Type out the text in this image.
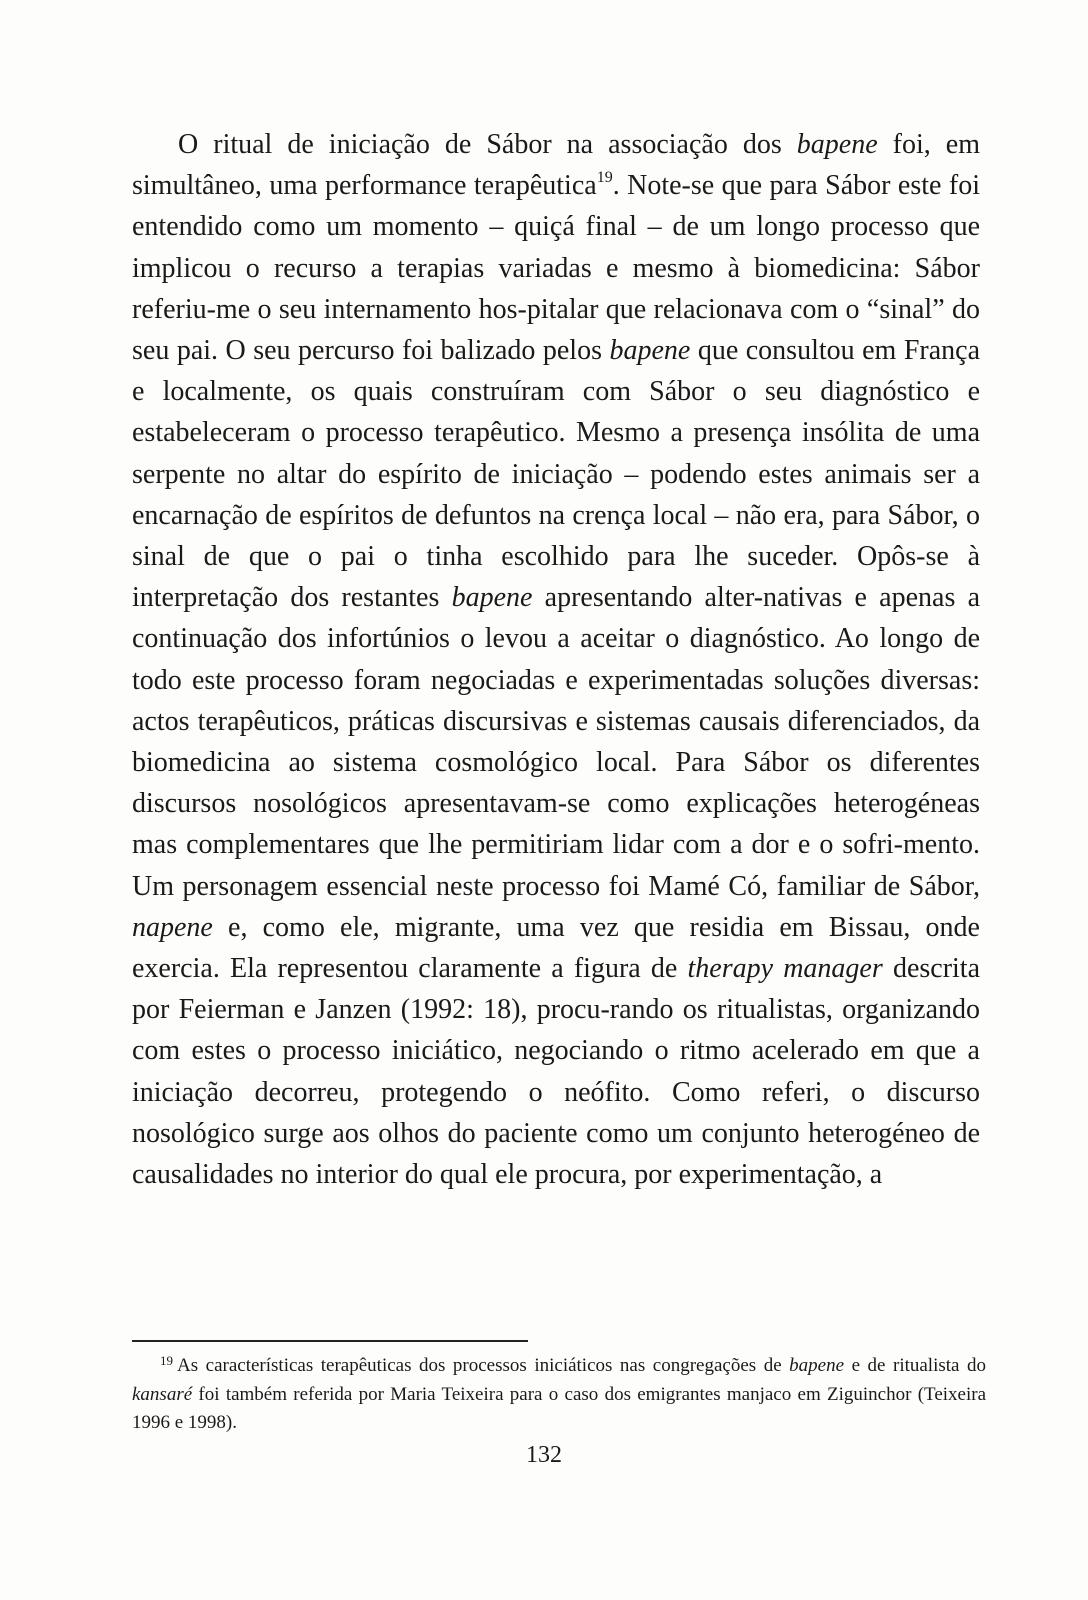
O ritual de iniciação de Sábor na associação dos bapene foi, em simultâneo, uma performance terapêutica$^{19}$. Note-se que para Sábor este foi entendido como um momento – quiçá final – de um longo processo que implicou o recurso a terapias variadas e mesmo à biomedicina: Sábor referiu-me o seu internamento hos-pitalar que relacionava com o “sinal” do seu pai. O seu percurso foi balizado pelos bapene que consultou em França e localmente, os quais construíram com Sábor o seu diagnóstico e estabeleceram o processo terapêutico. Mesmo a presença insólita de uma serpente no altar do espírito de iniciação – podendo estes animais ser a encarnação de espíritos de defuntos na crença local – não era, para Sábor, o sinal de que o pai o tinha escolhido para lhe suceder. Opôs-se à interpretação dos restantes bapene apresentando alter-nativas e apenas a continuação dos infortúnios o levou a aceitar o diagnóstico. Ao longo de todo este processo foram negociadas e experimentadas soluções diversas: actos terapêuticos, práticas discursivas e sistemas causais diferenciados, da biomedicina ao sistema cosmológico local. Para Sábor os diferentes discursos nosológicos apresentavam-se como explicações heterogéneas mas complementares que lhe permitiriam lidar com a dor e o sofri-mento. Um personagem essencial neste processo foi Mamé Có, familiar de Sábor, napene e, como ele, migrante, uma vez que residia em Bissau, onde exercia. Ela representou claramente a figura de therapy manager descrita por Feierman e Janzen (1992: 18), procu-rando os ritualistas, organizando com estes o processo iniciático, negociando o ritmo acelerado em que a iniciação decorreu, protegendo o neófito. Como referi, o discurso nosológico surge aos olhos do paciente como um conjunto heterogéneo de causalidades no interior do qual ele procura, por experimentação, a

$^{19}$ As características terapêuticas dos processos iniciáticos nas congregações de bapene e de ritualista do kansaré foi também referida por Maria Teixeira para o caso dos emigrantes manjaco em Ziguinchor (Teixeira 1996 e 1998).

132
